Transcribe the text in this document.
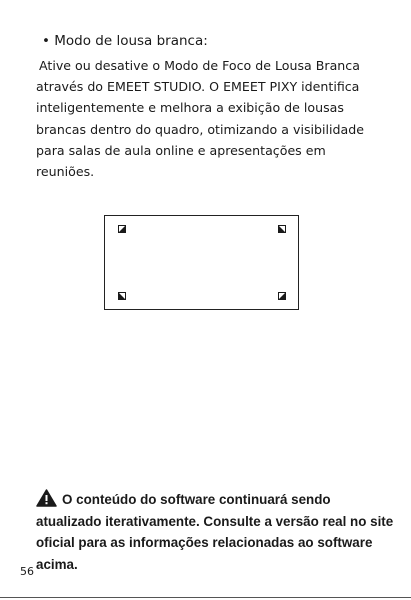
• Modo de lousa branca:
Ative ou desative o Modo de Foco de Lousa Branca
através do EMEET STUDIO. O EMEET PIXY identifica
inteligentemente e melhora a exibição de lousas
brancas dentro do quadro, otimizando a visibilidade
para salas de aula online e apresentações em
reuniões.
O conteúdo do software continuará sendo
atualizado iterativamente. Consulte a versão real no site
oficial para as informações relacionadas ao software
acima.
56
